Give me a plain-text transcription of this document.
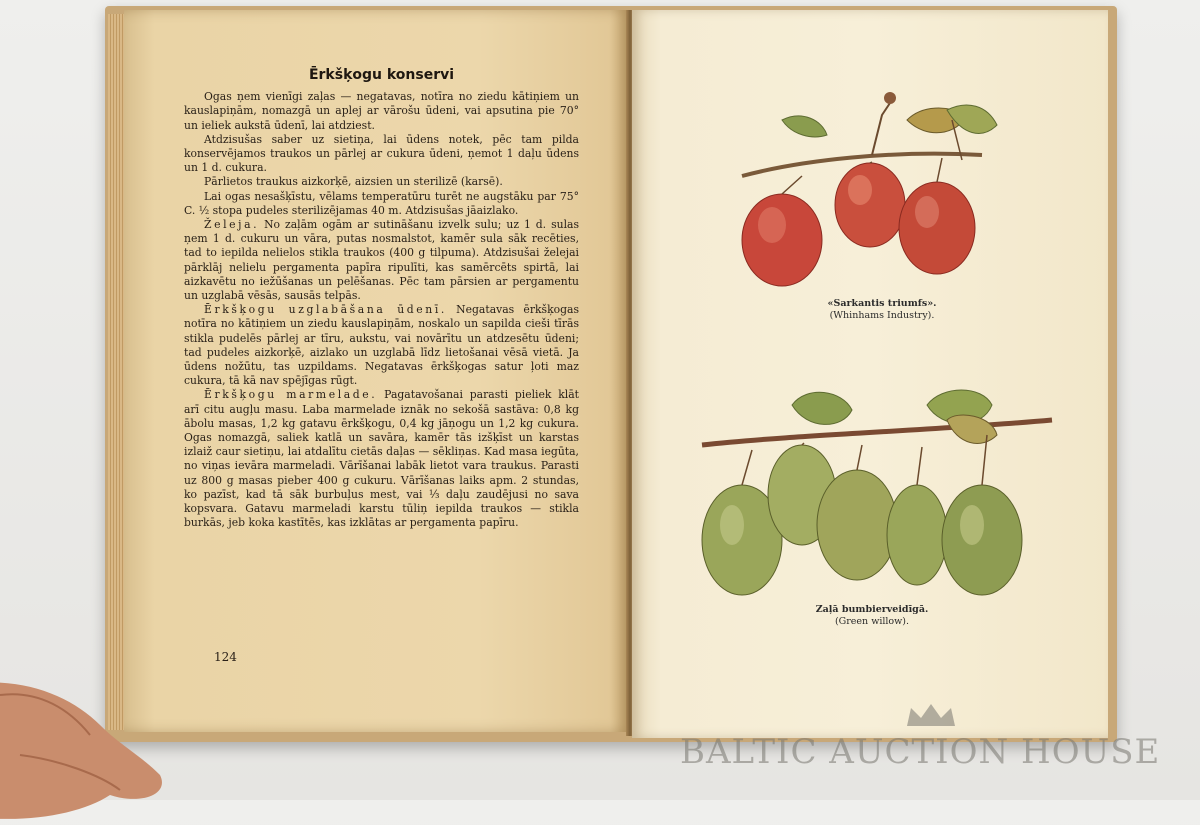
Ērkšķogu konservi

Ogas ņem vienīgi zaļas — negatavas, notīra no ziedu kātiņiem un kauslapiņām, nomazgā un aplej ar vārošu ūdeni, vai apsutina pie 70° un ieliek aukstā ūdenī, lai atdziest.

Atdzisušas saber uz sietiņa, lai ūdens notek, pēc tam pilda konservējamos traukos un pārlej ar cukura ūdeni, ņemot 1 daļu ūdens un 1 d. cukura.

Pārlietos traukus aizkorķē, aizsien un sterilizē (karsē).

Lai ogas nesašķīstu, vēlams temperatūru turēt ne augstāku par 75° C. ½ stopa pudeles sterilizējamas 40 m. Atdzisušas jāaizlako.

Želeja. No zaļām ogām ar sutināšanu izvelk sulu; uz 1 d. sulas ņem 1 d. cukuru un vāra, putas nosmalstot, kamēr sula sāk recēties, tad to iepilda nelielos stikla traukos (400 g tilpuma). Atdzisušai želejai pārklāj nelielu pergamenta papīra ripulīti, kas samērcēts spirtā, lai aizkavētu no iežūšanas un pelēšanas. Pēc tam pārsien ar pergamentu un uzglabā vēsās, sausās telpās.

Ērkšķogu uzglabāšana ūdenī. Negatavas ērkšķogas notīra no kātiņiem un ziedu kauslapiņām, noskalo un sapilda cieši tīrās stikla pudelēs pārlej ar tīru, aukstu, vai novārītu un atdzesētu ūdeni; tad pudeles aizkorķē, aizlako un uzglabā līdz lietošanai vēsā vietā. Ja ūdens nožūtu, tas uzpildams. Negatavas ērkšķogas satur ļoti maz cukura, tā kā nav spējīgas rūgt.

Ērkšķogu marmelade. Pagatavošanai parasti pieliek klāt arī citu augļu masu. Laba marmelade iznāk no sekošā sastāva: 0,8 kg ābolu masas, 1,2 kg gatavu ērkšķogu, 0,4 kg jāņogu un 1,2 kg cukura. Ogas nomazgā, saliek katlā un savāra, kamēr tās izšķīst un karstas izlaiž caur sietiņu, lai atdalītu cietās daļas — sēkliņas. Kad masa iegūta, no viņas ievāra marmeladi. Vārīšanai labāk lietot vara traukus. Parasti uz 800 g masas pieber 400 g cukuru. Vārīšanas laiks apm. 2 stundas, ko pazīst, kad tā sāk burbuļus mest, vai ⅓ daļu zaudējusi no sava kopsvara. Gatavu marmeladi karstu tūliņ iepilda traukos — stikla burkās, jeb koka kastītēs, kas izklātas ar pergamenta papīru.

124
«Sarkantis triumfs».
(Whinhams Industry).
Zaļā bumbierveidīgā.
(Green willow).
BALTIC AUCTION HOUSE
